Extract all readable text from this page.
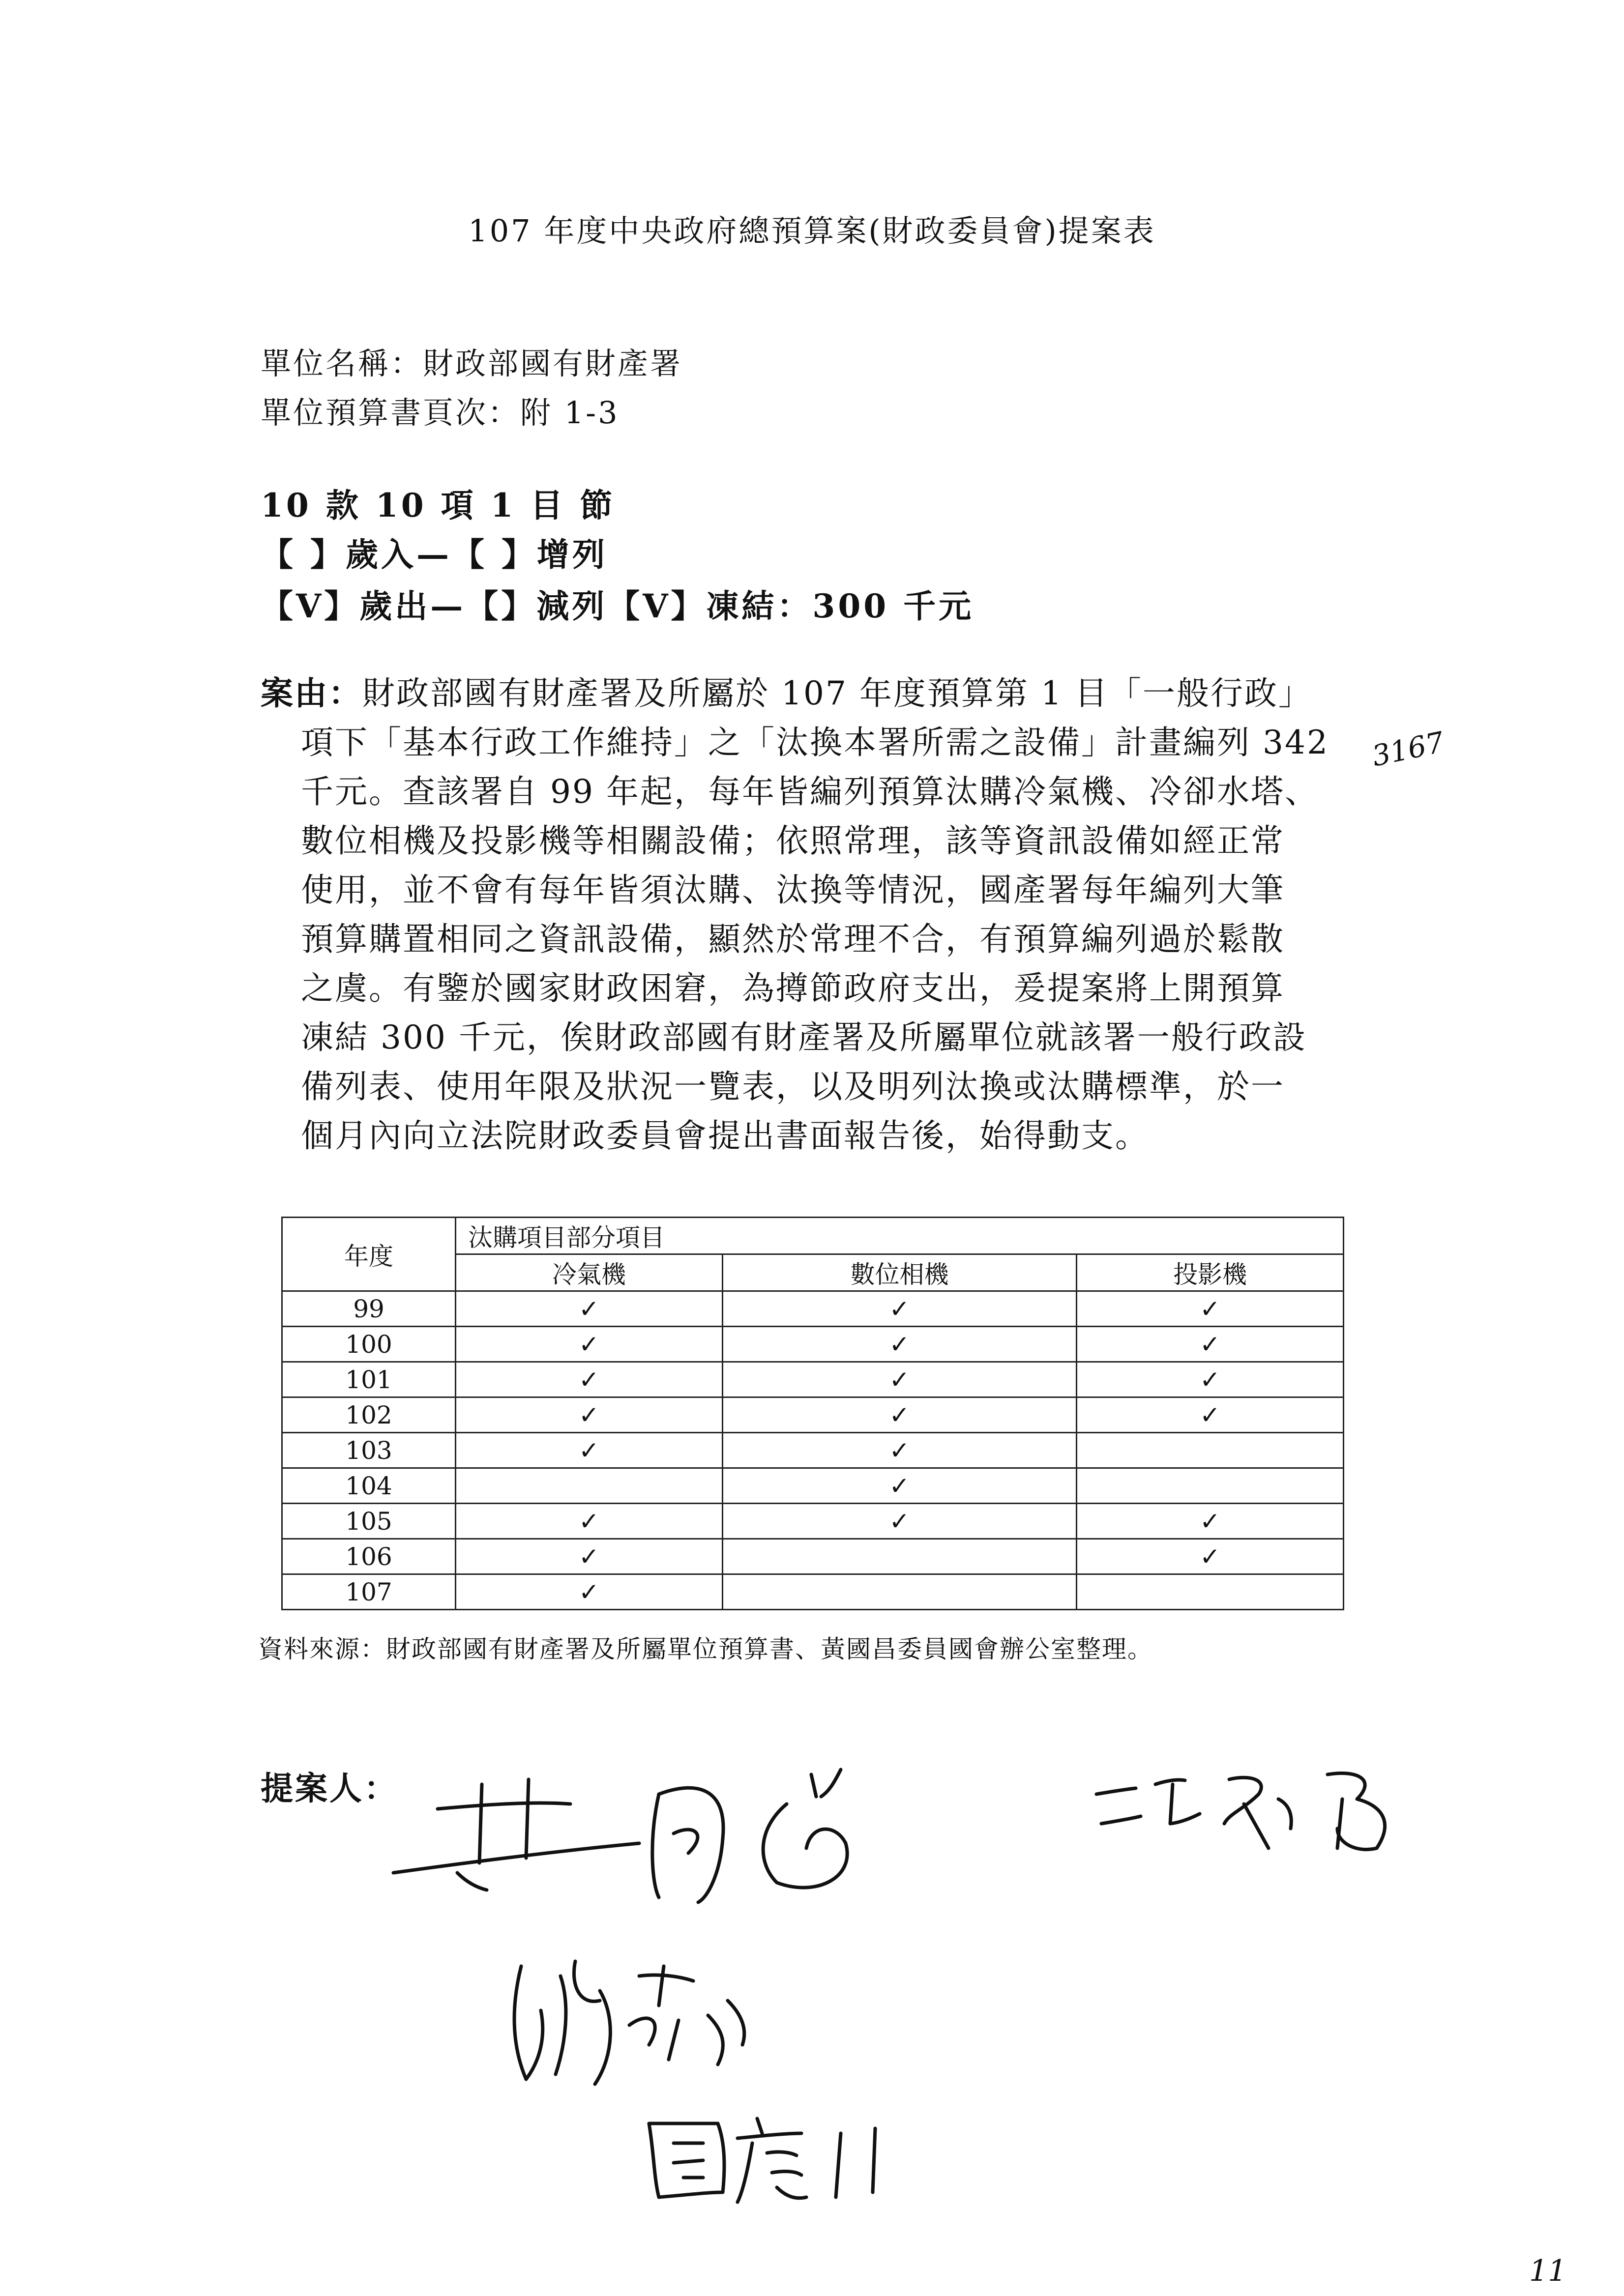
107 年度中央政府總預算案(財政委員會)提案表
單位名稱：財政部國有財產署
單位預算書頁次：附 1-3
10 款 10 項 1 目 節
【 】歲入—【 】增列
【V】歲出—【】減列【V】凍結：300 千元
案由：財政部國有財產署及所屬於 107 年度預算第 1 目「一般行政」
項下「基本行政工作維持」之「汰換本署所需之設備」計畫編列 342
千元。查該署自 99 年起，每年皆編列預算汰購冷氣機、冷卻水塔、
數位相機及投影機等相關設備；依照常理，該等資訊設備如經正常
使用，並不會有每年皆須汰購、汰換等情況，國產署每年編列大筆
預算購置相同之資訊設備，顯然於常理不合，有預算編列過於鬆散
之虞。有鑒於國家財政困窘，為撙節政府支出，爰提案將上開預算
凍結 300 千元，俟財政部國有財產署及所屬單位就該署一般行政設
備列表、使用年限及狀況一覽表，以及明列汰換或汰購標準，於一
個月內向立法院財政委員會提出書面報告後，始得動支。
3167
年度	汰購項目部分項目		
	冷氣機	數位相機	投影機
99	✓	✓	✓
100	✓	✓	✓
101	✓	✓	✓
102	✓	✓	✓
103	✓	✓	
104		✓	
105	✓	✓	✓
106	✓		✓
107	✓		
資料來源：財政部國有財產署及所屬單位預算書、黃國昌委員國會辦公室整理。
提案人：
11
